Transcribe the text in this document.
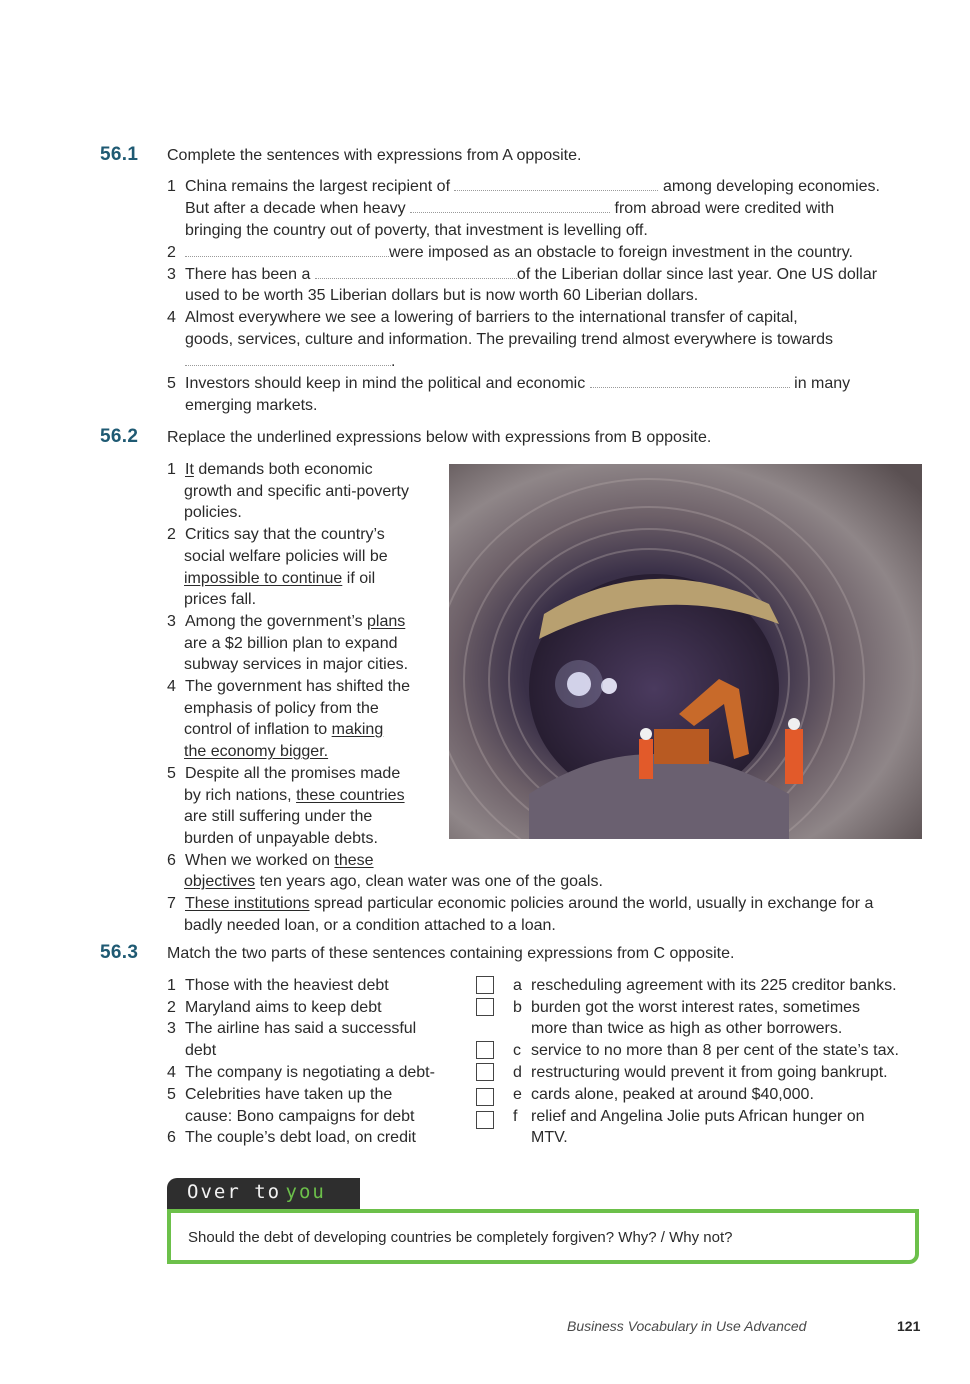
56.1 Complete the sentences with expressions from A opposite.
1 China remains the largest recipient of	among developing economies.
But after a decade when heavy	from abroad were credited with
bringing the country out of poverty, that investment is levelling off.
2	were imposed as an obstacle to foreign investment in the country.
3 There has been a	of the Liberian dollar since last year. One US dollar
used to be worth 35 Liberian dollars but is now worth 60 Liberian dollars.
4 Almost everywhere we see a lowering of barriers to the international transfer of capital,
goods, services, culture and information. The prevailing trend almost everywhere is towards
.
5 Investors should keep in mind the political and economic	in many
emerging markets.
56.2 Replace the underlined expressions below with expressions from B opposite.
1 It demands both economic
growth and specific anti-poverty
policies.
2 Critics say that the country’s
social welfare policies will be
impossible to continue if oil
prices fall.
3 Among the government’s plans
are a $2 billion plan to expand
subway services in major cities.
4 The government has shifted the
emphasis of policy from the
control of inflation to making
the economy bigger.
5 Despite all the promises made
by rich nations, these countries
are still suffering under the
burden of unpayable debts.
6 When we worked on these
objectives ten years ago, clean water was one of the goals.
7 These institutions spread particular economic policies around the world, usually in exchange for a
badly needed loan, or a condition attached to a loan.
56.3 Match the two parts of these sentences containing expressions from C opposite.
1 Those with the heaviest debt
2 Maryland aims to keep debt
3 The airline has said a successful
debt
4 The company is negotiating a debt-
5 Celebrities have taken up the
cause: Bono campaigns for debt
6 The couple’s debt load, on credit
a rescheduling agreement with its 225 creditor banks.
b burden got the worst interest rates, sometimes
more than twice as high as other borrowers.
c service to no more than 8 per cent of the state’s tax.
d restructuring would prevent it from going bankrupt.
e cards alone, peaked at around $40,000.
f relief and Angelina Jolie puts African hunger on
MTV.
Over to you
Should the debt of developing countries be completely forgiven? Why? / Why not?
Business Vocabulary in Use Advanced	121
